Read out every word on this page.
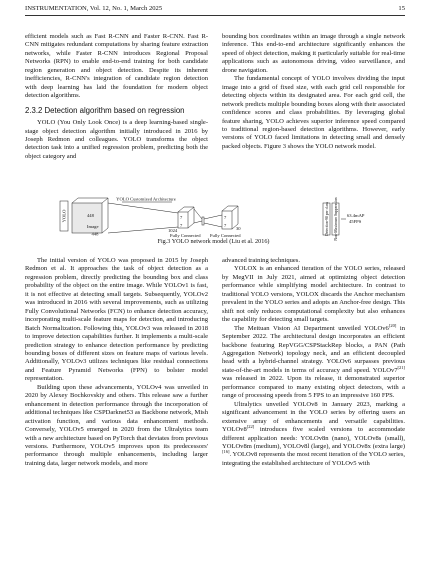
INSTRUMENTATION, Vol. 12, No. 1, March 2025	15

efficient models such as Fast R-CNN and Faster R-CNN. Fast R-CNN mitigates redundant computations by sharing feature extraction networks, while Faster R-CNN introduces Regional Proposal Networks (RPN) to enable end-to-end training for both candidate region generation and object detection. Despite its inherent inefficiencies, R-CNN's integration of candidate region detection with deep learning has laid the foundation for modern object detection algorithms.

2.3.2 Detection algorithm based on regression

YOLO (You Only Look Once) is a deep learning-based single-stage object detection algorithm initially introduced in 2016 by Joseph Redmon and colleagues. YOLO transforms the object detection task into a unified regression problem, predicting both the object category and

bounding box coordinates within an image through a single network inference. This end-to-end architecture significantly enhances the speed of object detection, making it particularly suitable for real-time applications such as autonomous driving, video surveillance, and drone navigation.

The fundamental concept of YOLO involves dividing the input image into a grid of fixed size, with each grid cell responsible for detecting objects within its designated area. For each grid cell, the network predicts multiple bounding boxes along with their associated confidence scores and class probabilities. By leveraging global feature sharing, YOLO achieves superior inference speed compared to traditional region-based detection algorithms. However, early versions of YOLO faced limitations in detecting small and densely packed objects. Figure 3 shows the YOLO network model.

YOLO	448
Image
448
YOLO Customized Architecture
7
7
1024
7
7
30
Fully Connected Fully Connected	Detection-98 per class Non-Maximum Suppression 63.4mAP
45FPS
Fig.3 YOLO network model (Liu et al. 2016)

The initial version of YOLO was proposed in 2015 by Joseph Redmon et al. It approaches the task of object detection as a regression problem, directly predicting the bounding box and class probability of the object on the entire image. While YOLOv1 is fast, it is not effective at detecting small targets. Subsequently, YOLOv2 was introduced in 2016 with several improvements, such as utilizing Fully Convolutional Networks (FCN) to enhance detection accuracy, incorporating multi-scale feature maps for detection, and introducing Batch Normalization. Following this, YOLOv3 was released in 2018 to improve detection capabilities further. It implements a multi-scale prediction strategy to enhance detection performance by predicting bounding boxes of different sizes on feature maps of various levels. Additionally, YOLOv3 utilizes techniques like residual connections and Feature Pyramid Networks (FPN) to bolster model representation.

Building upon these advancements, YOLOv4 was unveiled in 2020 by Alexey Bochkovskiy and others. This release saw a further enhancement in detection performance through the incorporation of additional techniques like CSPDarknet53 as Backbone network, Mish activation function, and various data enhancement methods. Conversely, YOLOv5 emerged in 2020 from the Ultralytics team with a new architecture based on PyTorch that deviates from previous versions. Furthermore, YOLOv5 improves upon its predecessors' performance through multiple enhancements, including larger training data, larger network models, and more

advanced training techniques.

YOLOX is an enhanced iteration of the YOLO series, released by MegVII in July 2021, aimed at optimizing object detection performance while simplifying model architecture. In contrast to traditional YOLO versions, YOLOX discards the Anchor mechanism prevalent in the YOLO series and adopts an Anchor-free design. This shift not only reduces computational complexity but also enhances the capability for detecting small targets.

The Meituan Vision AI Department unveiled YOLOv6[20] in September 2022. The architectural design incorporates an efficient backbone featuring RepVGG/CSPStackRep blocks, a PAN (Path Aggregation Network) topology neck, and an efficient decoupled head with a hybrid-channel strategy. YOLOv6 surpasses previous state-of-the-art models in terms of accuracy and speed. YOLOv7[21] was released in 2022. Upon its release, it demonstrated superior performance compared to many existing object detectors, with a range of processing speeds from 5 FPS to an impressive 160 FPS.

Ultralytics unveiled YOLOv8 in January 2023, marking a significant advancement in the YOLO series by offering users an extensive array of enhancements and versatile capabilities. YOLOv8[22] introduces five scaled versions to accommodate different application needs: YOLOv8n (nano), YOLOv8s (small), YOLOv8m (medium), YOLOv8l (large), and YOLOv8x (extra large)[16]. YOLOv8 represents the most recent iteration of the YOLO series, integrating the established architecture of YOLOv5 with
